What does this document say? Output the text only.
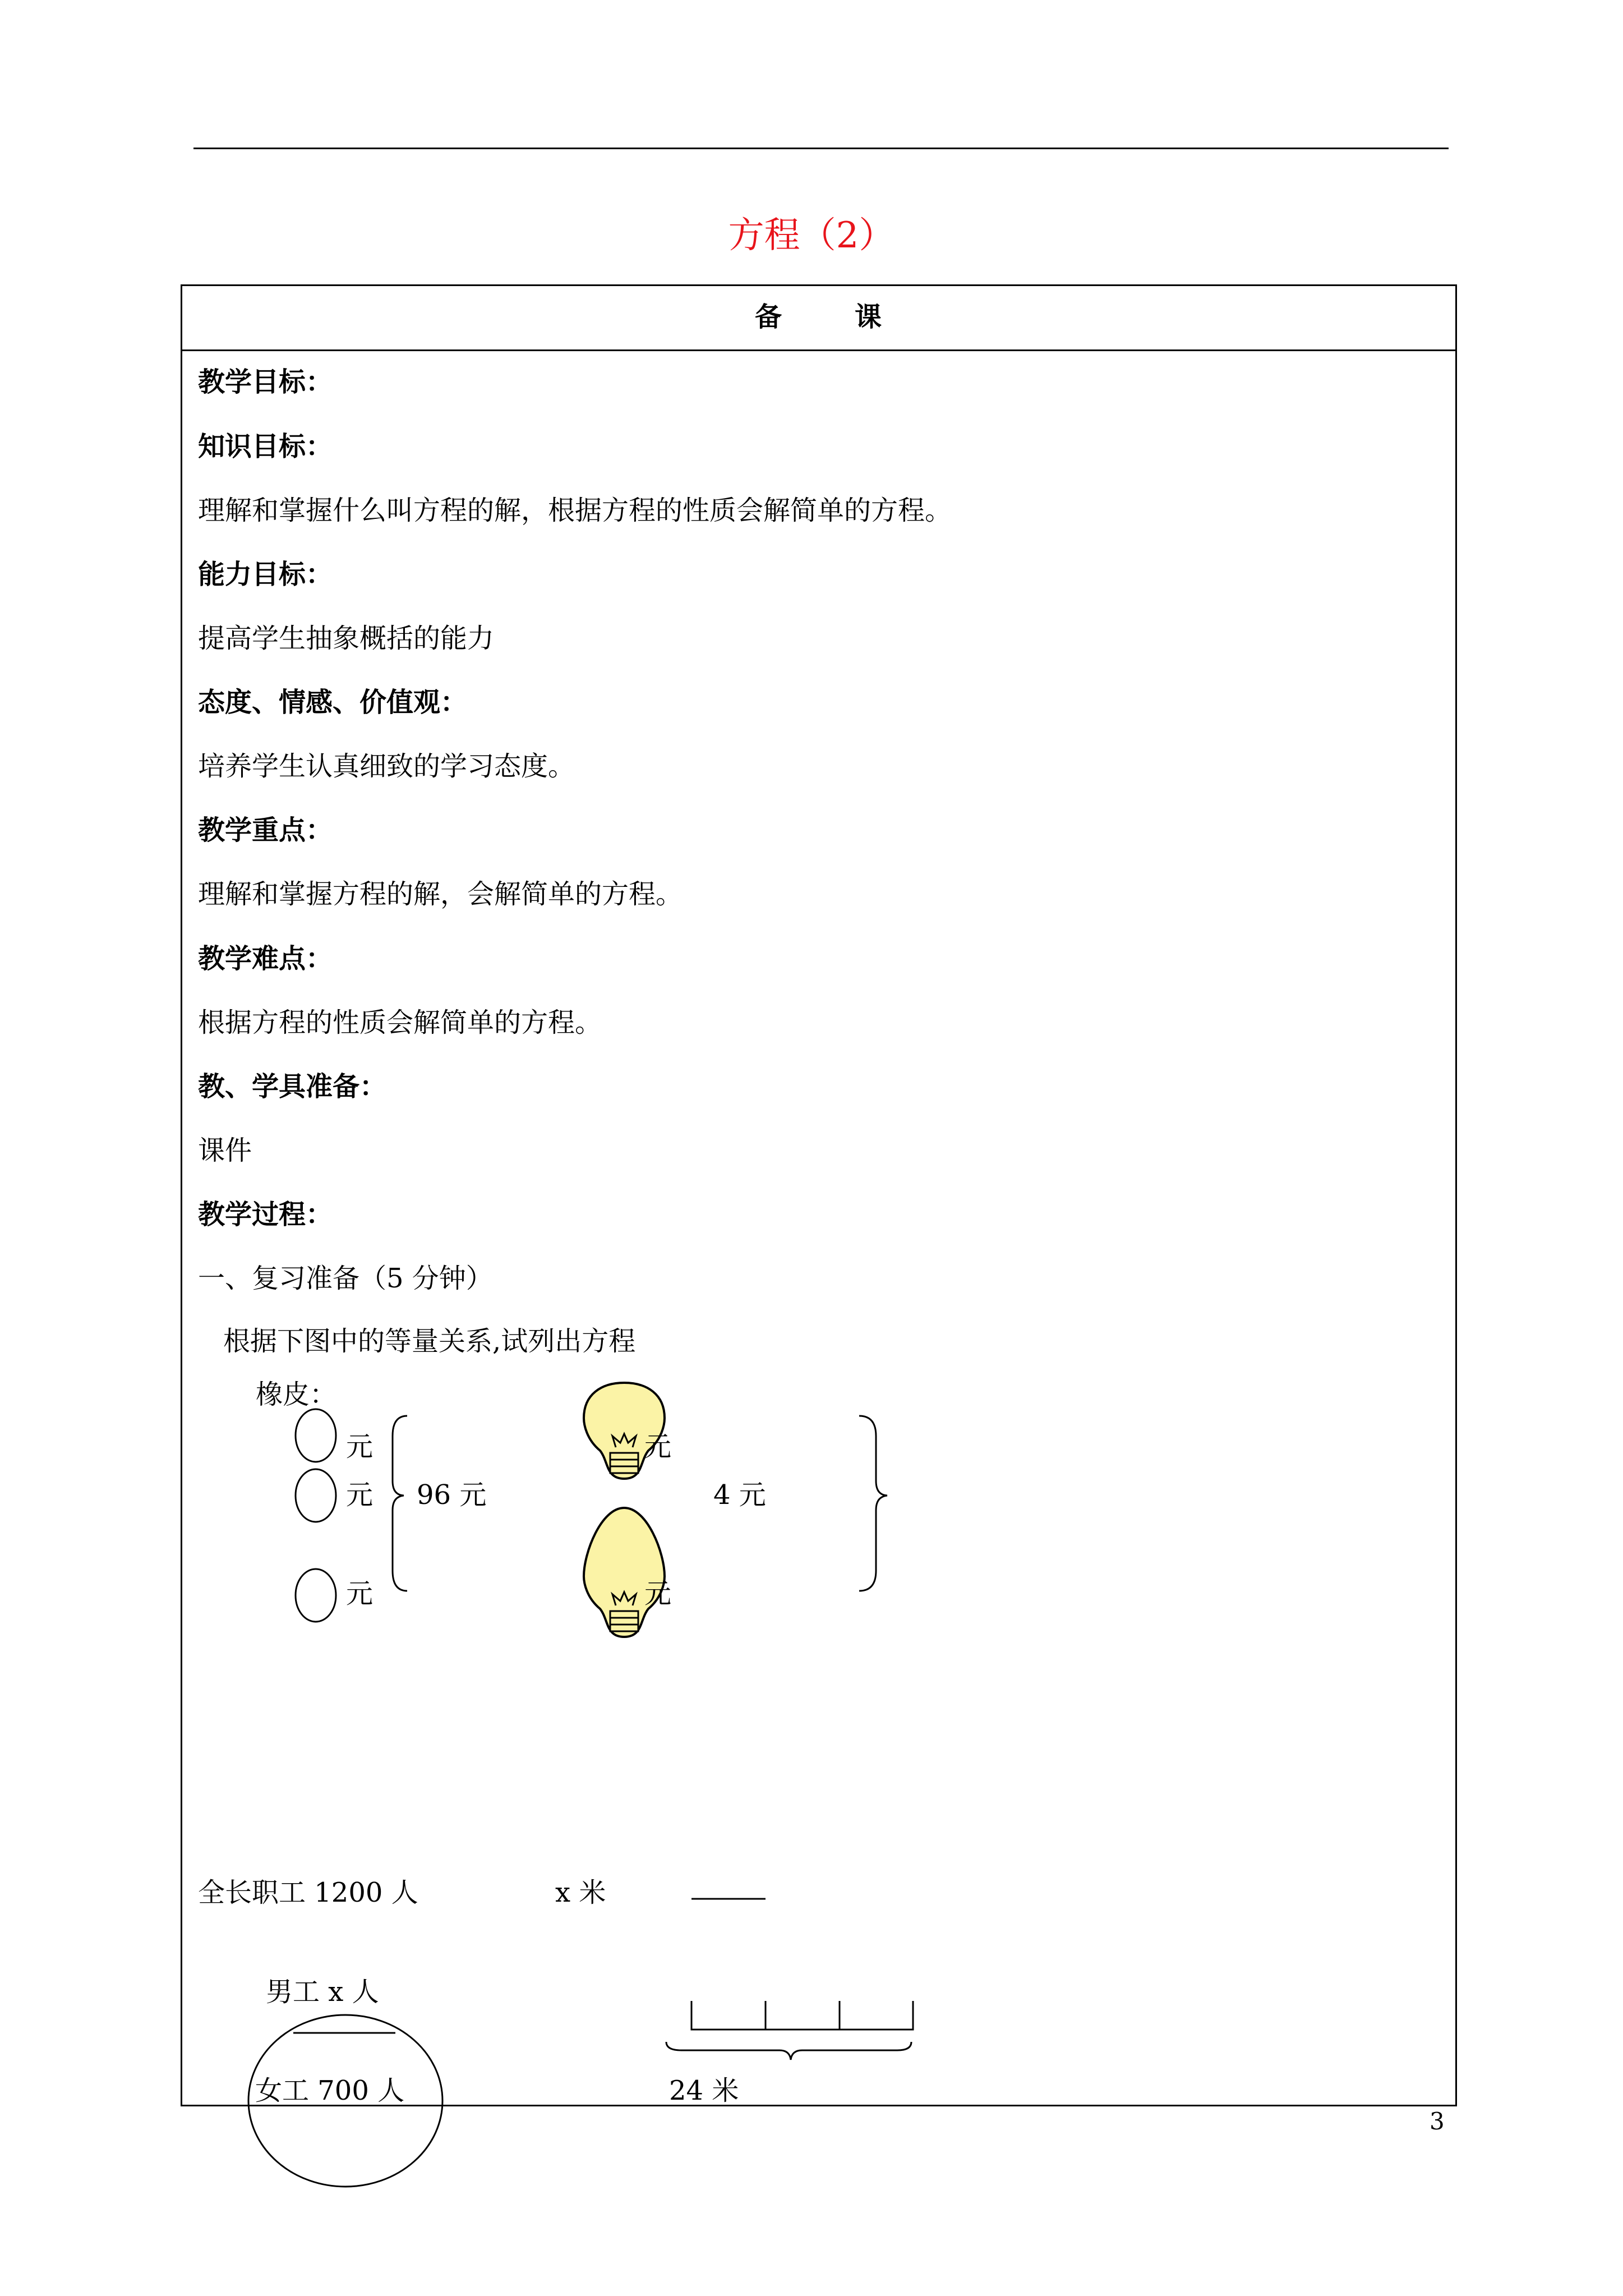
方程（2）
备	课
教学目标：
知识目标：
理解和掌握什么叫方程的解，根据方程的性质会解简单的方程。
能力目标：
提高学生抽象概括的能力
态度、情感、价值观：
培养学生认真细致的学习态度。
教学重点：
理解和掌握方程的解，会解简单的方程。
教学难点：
根据方程的性质会解简单的方程。
教、学具准备：
课件
教学过程：
一、复习准备（5 分钟）
根据下图中的等量关系,试列出方程
橡皮：
元
元
元
96 元
元
元
4 元
全长职工 1200 人
男工 x 人
女工 700 人
x 米
24 米
3
